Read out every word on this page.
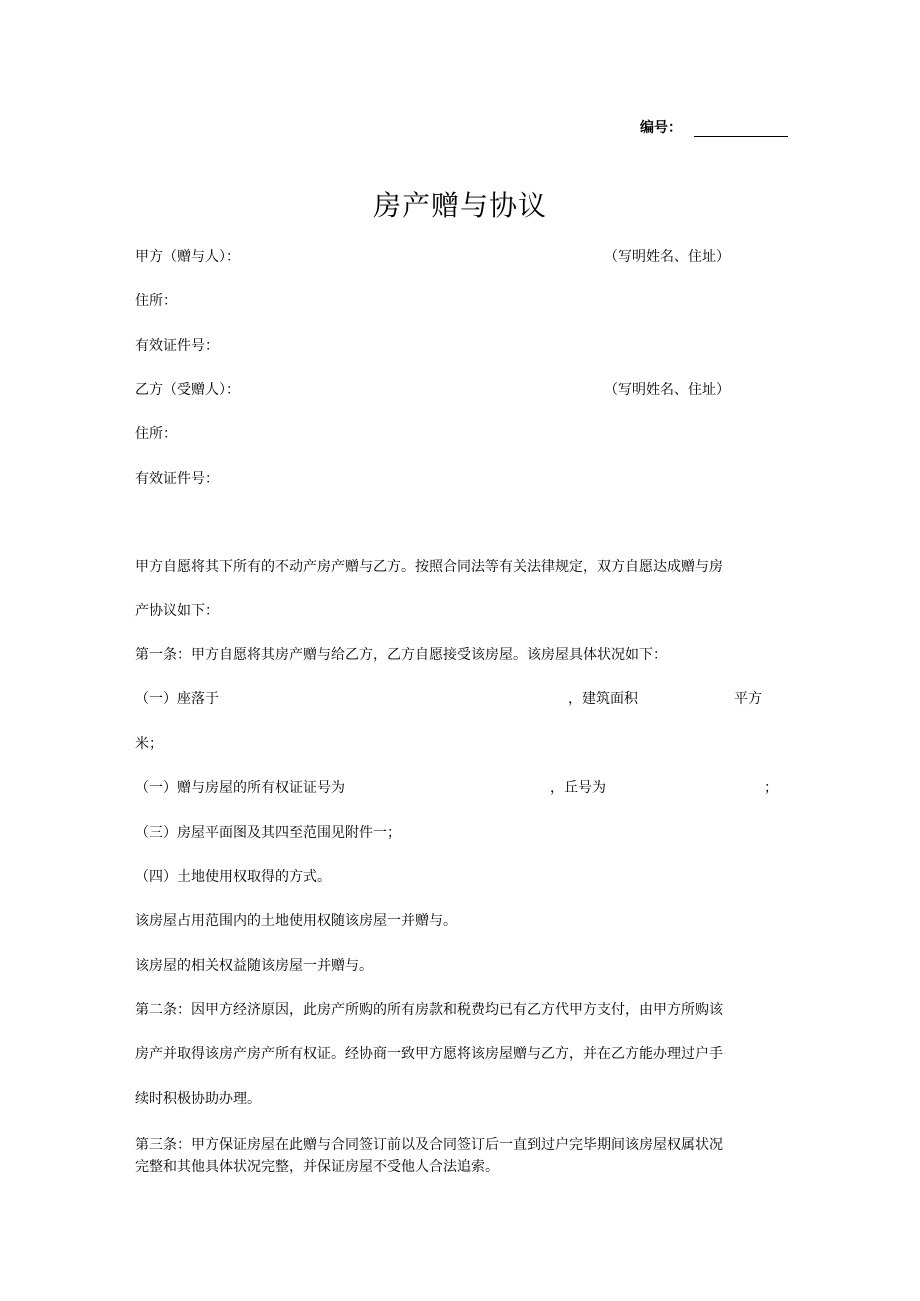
编号：
房产赠与协议
甲方（赠与人）：	（写明姓名、住址）
住所：
有效证件号：
乙方（受赠人）：	（写明姓名、住址）
住所：
有效证件号：
甲方自愿将其下所有的不动产房产赠与乙方。按照合同法等有关法律规定，双方自愿达成赠与房
产协议如下：
第一条：甲方自愿将其房产赠与给乙方，乙方自愿接受该房屋。该房屋具体状况如下：
（一）座落于	，建筑面积	平方
米；
（一）赠与房屋的所有权证证号为	，丘号为	；
（三）房屋平面图及其四至范围见附件一；
（四）土地使用权取得的方式。
该房屋占用范围内的土地使用权随该房屋一并赠与。
该房屋的相关权益随该房屋一并赠与。
第二条：因甲方经济原因，此房产所购的所有房款和税费均已有乙方代甲方支付，由甲方所购该
房产并取得该房产房产所有权证。经协商一致甲方愿将该房屋赠与乙方，并在乙方能办理过户手
续时积极协助办理。
第三条：甲方保证房屋在此赠与合同签订前以及合同签订后一直到过户完毕期间该房屋权属状况
完整和其他具体状况完整，并保证房屋不受他人合法追索。
